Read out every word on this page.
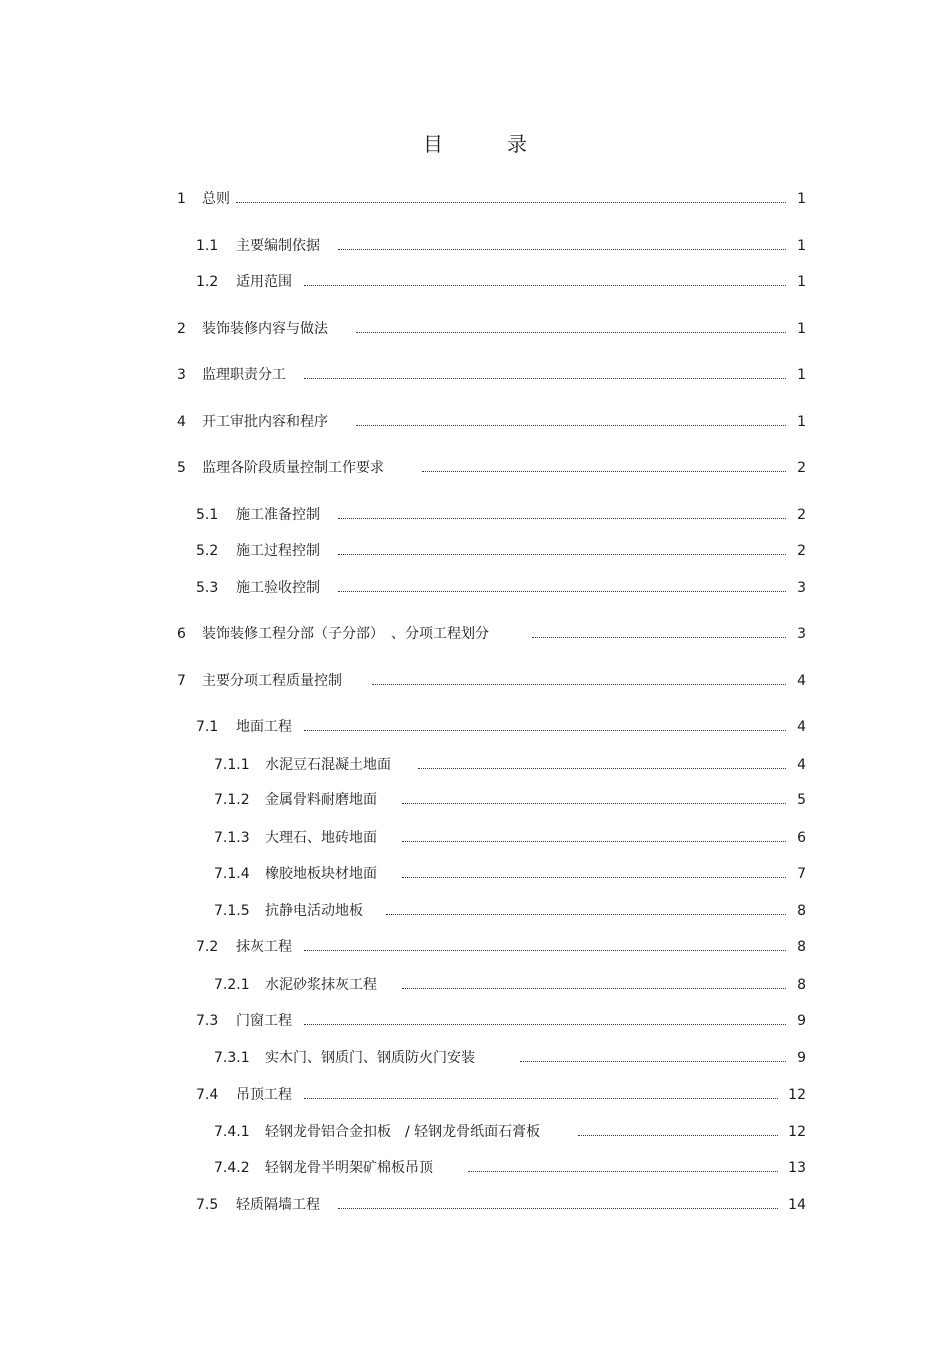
目　录
1 总则	1
1.1 主要编制依据	1
1.2 适用范围	1
2 装饰装修内容与做法	1
3 监理职责分工	1
4 开工审批内容和程序	1
5 监理各阶段质量控制工作要求	2
5.1 施工准备控制	2
5.2 施工过程控制	2
5.3 施工验收控制	3
6 装饰装修工程分部（子分部）　、分项工程划分	3
7 主要分项工程质量控制	4
7.1 地面工程	4
7.1.1 水泥豆石混凝土地面	4
7.1.2 金属骨料耐磨地面	5
7.1.3 大理石、地砖地面	6
7.1.4 橡胶地板块材地面	7
7.1.5 抗静电活动地板	8
7.2 抹灰工程	8
7.2.1 水泥砂浆抹灰工程	8
7.3 门窗工程	9
7.3.1 实木门、钢质门、钢质防火门安装	9
7.4 吊顶工程	12
7.4.1 轻钢龙骨铝合金扣板　/ 轻钢龙骨纸面石膏板	12
7.4.2 轻钢龙骨半明架矿棉板吊顶	13
7.5 轻质隔墙工程	14
